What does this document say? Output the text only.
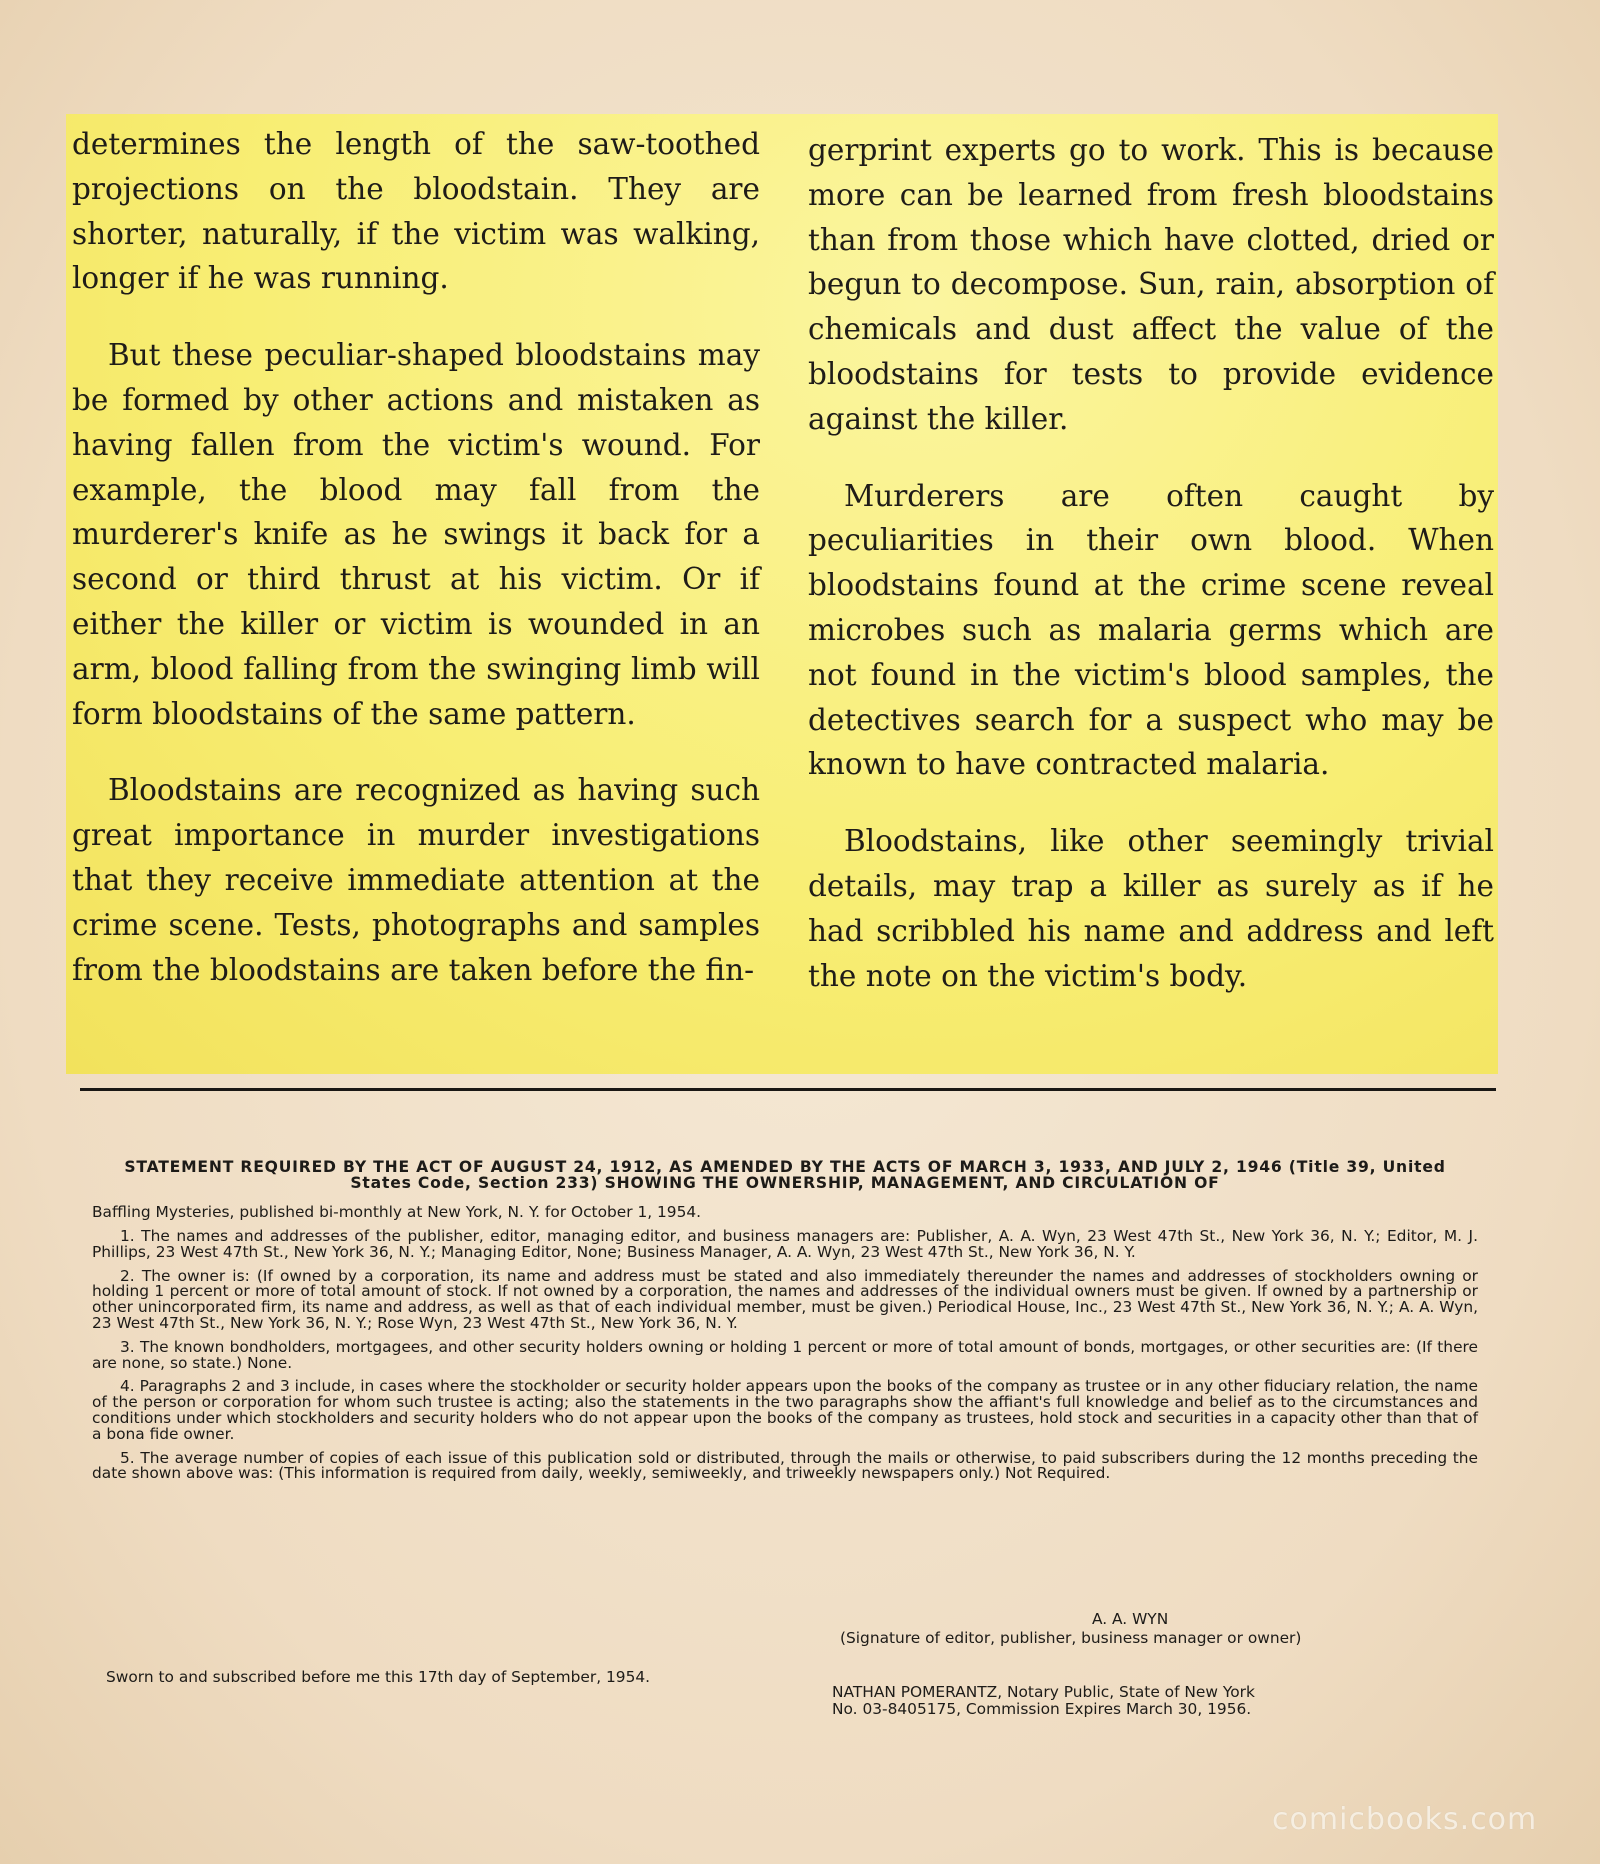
determines the length of the saw-toothed projections on the bloodstain. They are shorter, naturally, if the victim was walking, longer if he was running.

But these peculiar-shaped bloodstains may be formed by other actions and mistaken as having fallen from the victim's wound. For example, the blood may fall from the murderer's knife as he swings it back for a second or third thrust at his victim. Or if either the killer or victim is wounded in an arm, blood falling from the swinging limb will form bloodstains of the same pattern.

Bloodstains are recognized as having such great importance in murder investigations that they receive immediate attention at the crime scene. Tests, photographs and samples from the bloodstains are taken before the fin-

gerprint experts go to work. This is because more can be learned from fresh bloodstains than from those which have clotted, dried or begun to decompose. Sun, rain, absorption of chemicals and dust affect the value of the bloodstains for tests to provide evidence against the killer.

Murderers are often caught by peculiarities in their own blood. When bloodstains found at the crime scene reveal microbes such as malaria germs which are not found in the victim's blood samples, the detectives search for a suspect who may be known to have contracted malaria.

Bloodstains, like other seemingly trivial details, may trap a killer as surely as if he had scribbled his name and address and left the note on the victim's body.

STATEMENT REQUIRED BY THE ACT OF AUGUST 24, 1912, AS AMENDED BY THE ACTS OF MARCH 3, 1933, AND JULY 2, 1946 (Title 39, United States Code, Section 233) SHOWING THE OWNERSHIP, MANAGEMENT, AND CIRCULATION OF
Baffling Mysteries, published bi-monthly at New York, N. Y. for October 1, 1954.
1. The names and addresses of the publisher, editor, managing editor, and business managers are: Publisher, A. A. Wyn, 23 West 47th St., New York 36, N. Y.; Editor, M. J. Phillips, 23 West 47th St., New York 36, N. Y.; Managing Editor, None; Business Manager, A. A. Wyn, 23 West 47th St., New York 36, N. Y.
2. The owner is: (If owned by a corporation, its name and address must be stated and also immediately thereunder the names and addresses of stockholders owning or holding 1 percent or more of total amount of stock. If not owned by a corporation, the names and addresses of the individual owners must be given. If owned by a partnership or other unincorporated firm, its name and address, as well as that of each individual member, must be given.) Periodical House, Inc., 23 West 47th St., New York 36, N. Y.; A. A. Wyn, 23 West 47th St., New York 36, N. Y.; Rose Wyn, 23 West 47th St., New York 36, N. Y.
3. The known bondholders, mortgagees, and other security holders owning or holding 1 percent or more of total amount of bonds, mortgages, or other securities are: (If there are none, so state.) None.
4. Paragraphs 2 and 3 include, in cases where the stockholder or security holder appears upon the books of the company as trustee or in any other fiduciary relation, the name of the person or corporation for whom such trustee is acting; also the statements in the two paragraphs show the affiant's full knowledge and belief as to the circumstances and conditions under which stockholders and security holders who do not appear upon the books of the company as trustees, hold stock and securities in a capacity other than that of a bona fide owner.
5. The average number of copies of each issue of this publication sold or distributed, through the mails or otherwise, to paid subscribers during the 12 months preceding the date shown above was: (This information is required from daily, weekly, semiweekly, and triweekly newspapers only.) Not Required.
A. A. WYN
(Signature of editor, publisher, business manager or owner)
Sworn to and subscribed before me this 17th day of September, 1954.
NATHAN POMERANTZ, Notary Public, State of New York
No. 03-8405175, Commission Expires March 30, 1956.
comicbooks.com
